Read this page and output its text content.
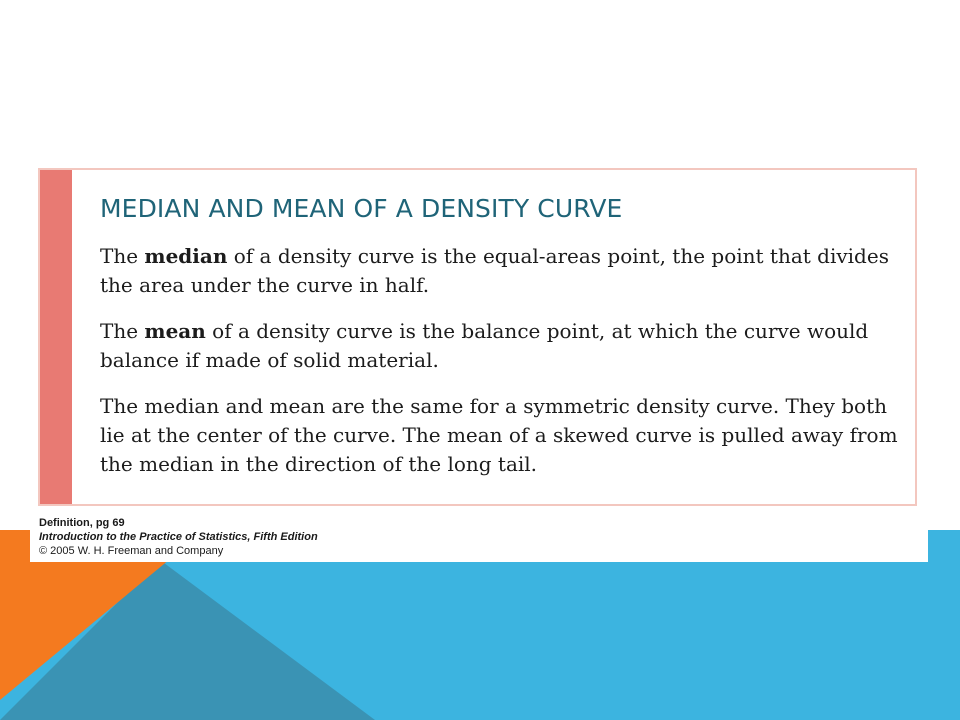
MEDIAN AND MEAN OF A DENSITY CURVE

The median of a density curve is the equal-areas point, the point that divides the area under the curve in half.

The mean of a density curve is the balance point, at which the curve would balance if made of solid material.

The median and mean are the same for a symmetric density curve. They both lie at the center of the curve. The mean of a skewed curve is pulled away from the median in the direction of the long tail.

Definition, pg 69

Introduction to the Practice of Statistics, Fifth Edition

© 2005 W. H. Freeman and Company
